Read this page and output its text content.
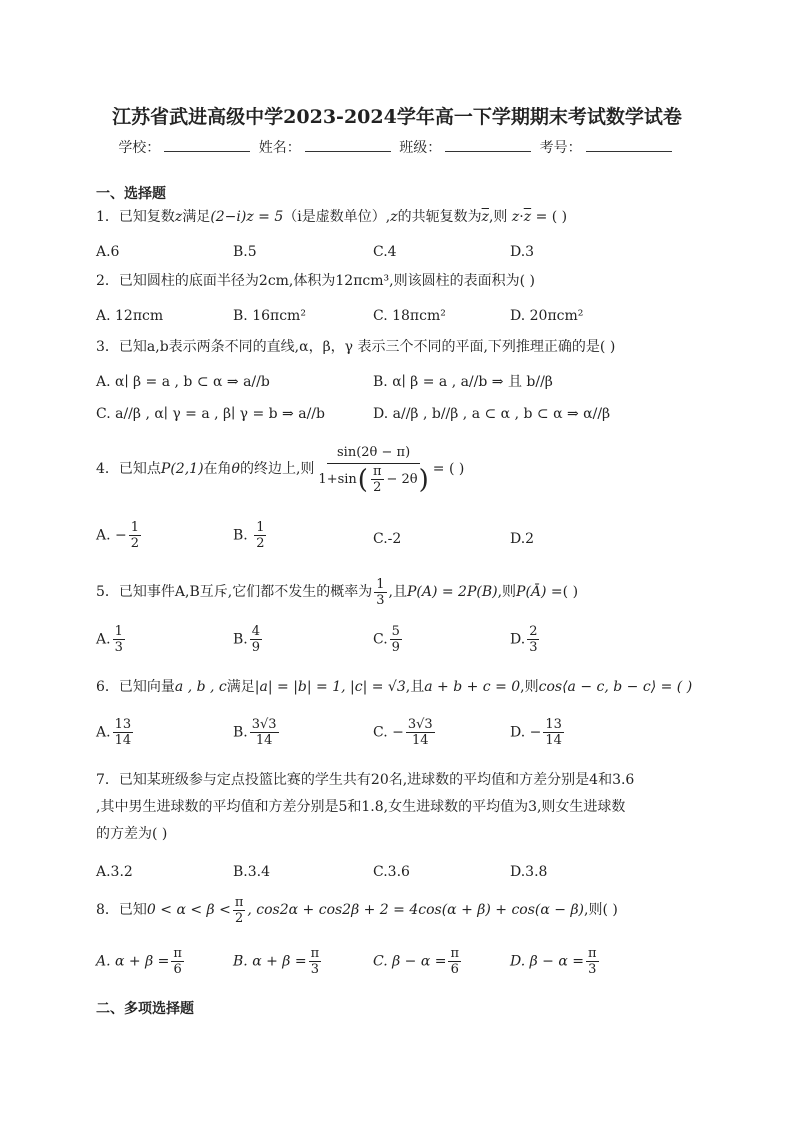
江苏省武进高级中学2023-2024学年高一下学期期末考试数学试卷
学校：	姓名：	班级：	考号：
一、选择题
1．已知复数z满足(2−i)z = 5（i是虚数单位）,z的共轭复数为$\overline{z}$,则 $z\cdot\overline{z}$ = ( )
A.6	B.5	C.4	D.3
2．已知圆柱的底面半径为2cm,体积为12πcm³,则该圆柱的表面积为( )
A. 12πcm	B. 16πcm²	C. 18πcm²	D. 20πcm²
3．已知a,b表示两条不同的直线,α，β，γ 表示三个不同的平面,下列推理正确的是( )
A. α∣ β = a , b ⊂ α ⇒ a//b	B. α∣ β = a , a//b ⇒ 且 b//β
C. a//β , α∣ γ = a , β∣ γ = b ⇒ a//b	D. a//β , b//β , a ⊂ α , b ⊂ α ⇒ α//β
4．已知点P(2,1)在角θ的终边上,则 $\frac{\sin(2\theta - \pi)}{1+\sin ( \frac{\pi}{2} - 2\theta )}$ = ( )
A. − $\frac{1}{2}$	B. $\frac{1}{2}$	C.-2	D.2
5．已知事件A,B互斥,它们都不发生的概率为 $\frac{1}{3}$ ,且P(A) = 2P(B),则P(Ā) =( )
A. $\frac{1}{3}$	B. $\frac{4}{9}$	C. $\frac{5}{9}$	D. $\frac{2}{3}$
6．已知向量a , b , c满足|a| = |b| = 1, |c| = √3,且a + b + c = 0,则cos⟨a − c, b − c⟩ = ( )
A. $\frac{13}{14}$	B. $\frac{3√3}{14}$	C. − $\frac{3√3}{14}$	D. − $\frac{13}{14}$
7．已知某班级参与定点投篮比赛的学生共有20名,进球数的平均值和方差分别是4和3.6
,其中男生进球数的平均值和方差分别是5和1.8,女生进球数的平均值为3,则女生进球数
的方差为( )
A.3.2	B.3.4	C.3.6	D.3.8
8．已知$0 < \alpha < \beta < \frac{\pi}{2}$ , cos2α + cos2β + 2 = 4cos(α + β) + cos(α − β),则( )
A. $\alpha + \beta = \frac{\pi}{6}$	B. $\alpha + \beta = \frac{\pi}{3}$	C. $\beta - \alpha = \frac{\pi}{6}$	D. $\beta - \alpha = \frac{\pi}{3}$
二、多项选择题
